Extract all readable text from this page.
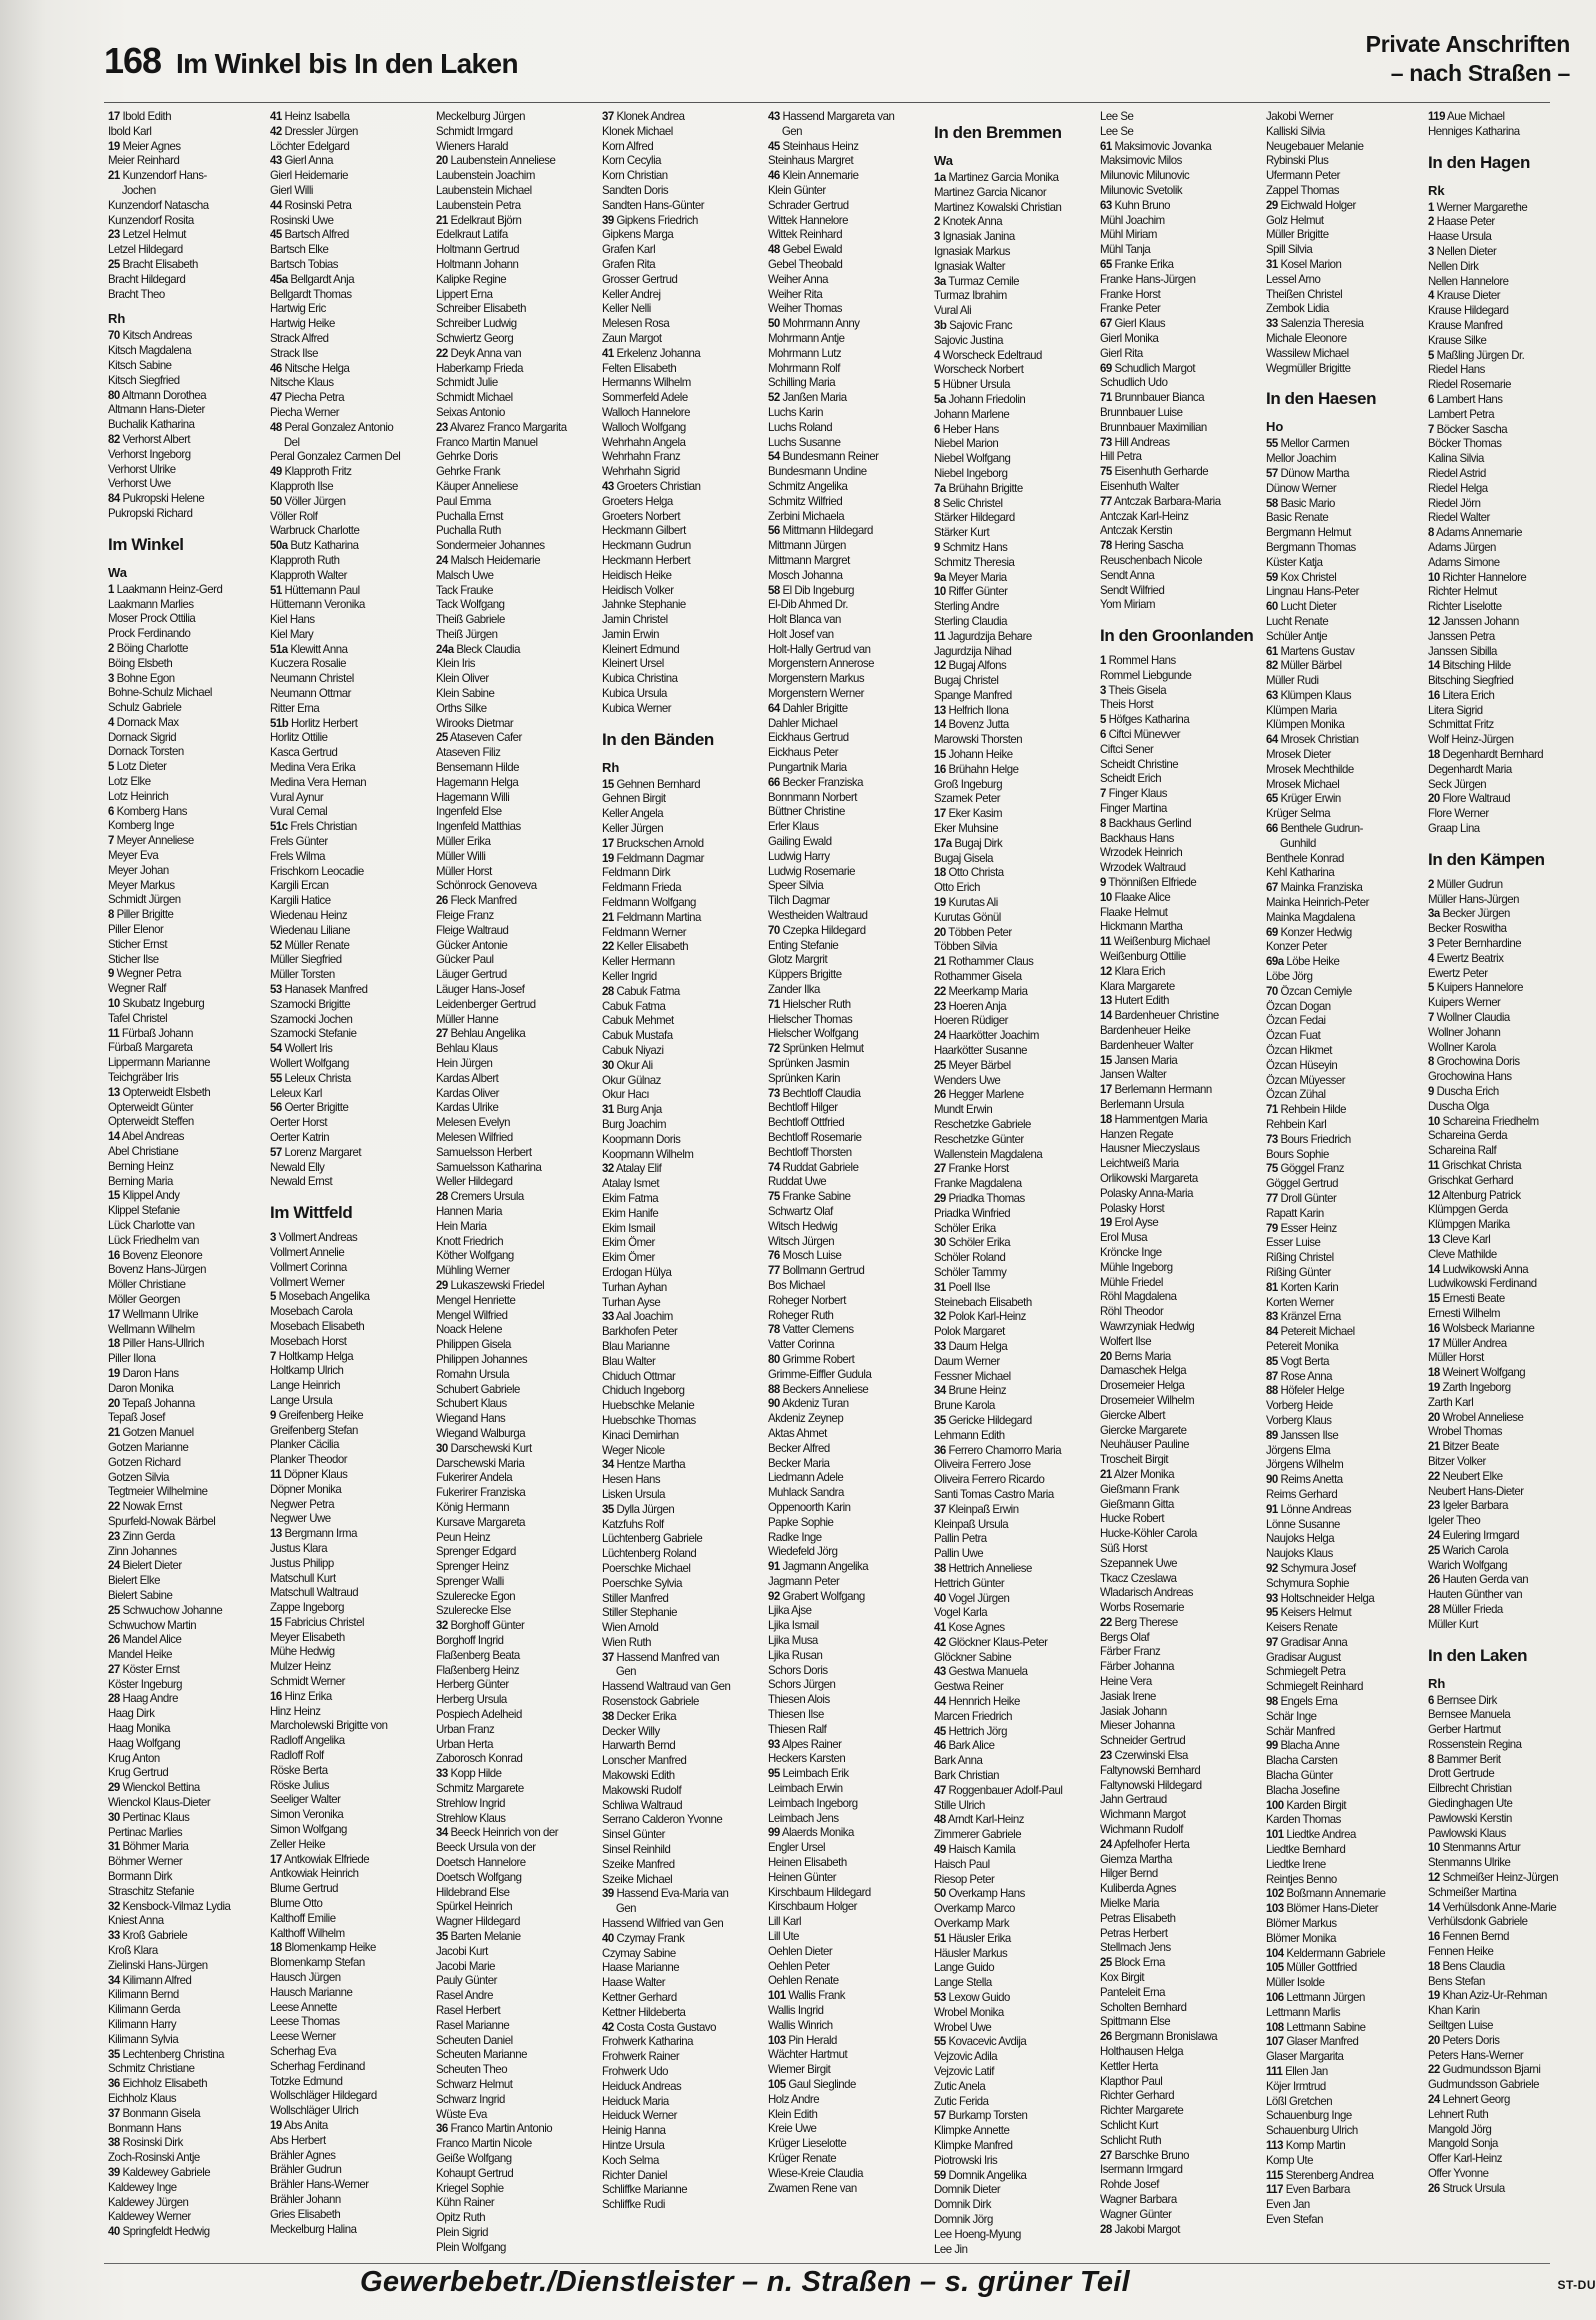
168 Im Winkel bis In den Laken
Private Anschriften
– nach Straßen –
17 Ibold Edith
Ibold Karl
19 Meier Agnes
Meier Reinhard
21 Kunzendorf Hans-
Jochen
Kunzendorf Natascha
Kunzendorf Rosita
23 Letzel Helmut
Letzel Hildegard
25 Bracht Elisabeth
Bracht Hildegard
Bracht Theo
Rh
70 Kitsch Andreas
Kitsch Magdalena
Kitsch Sabine
Kitsch Siegfried
80 Altmann Dorothea
Altmann Hans-Dieter
Buchalik Katharina
82 Verhorst Albert
Verhorst Ingeborg
Verhorst Ulrike
Verhorst Uwe
84 Pukropski Helene
Pukropski Richard
Im Winkel
Wa
1 Laakmann Heinz-Gerd
Laakmann Marlies
Moser Prock Ottilia
Prock Ferdinando
2 Böing Charlotte
Böing Elsbeth
3 Bohne Egon
Bohne-Schulz Michael
Schulz Gabriele
4 Dornack Max
Dornack Sigrid
Dornack Torsten
5 Lotz Dieter
Lotz Elke
Lotz Heinrich
6 Komberg Hans
Komberg Inge
7 Meyer Anneliese
Meyer Eva
Meyer Johan
Meyer Markus
Schmidt Jürgen
8 Piller Brigitte
Piller Elenor
Sticher Ernst
Sticher Ilse
9 Wegner Petra
Wegner Ralf
10 Skubatz Ingeburg
Tafel Christel
11 Fürbaß Johann
Fürbaß Margareta
Lippermann Marianne
Teichgräber Iris
13 Opterweidt Elsbeth
Opterweidt Günter
Opterweidt Steffen
14 Abel Andreas
Abel Christiane
Berning Heinz
Berning Maria
15 Klippel Andy
Klippel Stefanie
Lück Charlotte van
Lück Friedhelm van
16 Bovenz Eleonore
Bovenz Hans-Jürgen
Möller Christiane
Möller Georgen
17 Wellmann Ulrike
Wellmann Wilhelm
18 Piller Hans-Ullrich
Piller Ilona
19 Daron Hans
Daron Monika
20 Tepaß Johanna
Tepaß Josef
21 Gotzen Manuel
Gotzen Marianne
Gotzen Richard
Gotzen Silvia
Tegtmeier Wilhelmine
22 Nowak Ernst
Spurfeld-Nowak Bärbel
23 Zinn Gerda
Zinn Johannes
24 Bielert Dieter
Bielert Elke
Bielert Sabine
25 Schwuchow Johanne
Schwuchow Martin
26 Mandel Alice
Mandel Heike
27 Köster Ernst
Köster Ingeburg
28 Haag Andre
Haag Dirk
Haag Monika
Haag Wolfgang
Krug Anton
Krug Gertrud
29 Wienckol Bettina
Wienckol Klaus-Dieter
30 Pertinac Klaus
Pertinac Marlies
31 Böhmer Maria
Böhmer Werner
Bormann Dirk
Straschitz Stefanie
32 Kensbock-Vilmaz Lydia
Kniest Anna
33 Kroß Gabriele
Kroß Klara
Zielinski Hans-Jürgen
34 Kilimann Alfred
Kilimann Bernd
Kilimann Gerda
Kilimann Harry
Kilimann Sylvia
35 Lechtenberg Christina
Schmitz Christiane
36 Eichholz Elisabeth
Eichholz Klaus
37 Bonmann Gisela
Bonmann Hans
38 Rosinski Dirk
Zoch-Rosinski Antje
39 Kaldewey Gabriele
Kaldewey Inge
Kaldewey Jürgen
Kaldewey Werner
40 Springfeldt Hedwig
41 Heinz Isabella
42 Dressler Jürgen
Löchter Edelgard
43 Gierl Anna
Gierl Heidemarie
Gierl Willi
44 Rosinski Petra
Rosinski Uwe
45 Bartsch Alfred
Bartsch Elke
Bartsch Tobias
45a Bellgardt Anja
Bellgardt Thomas
Hartwig Eric
Hartwig Heike
Strack Alfred
Strack Ilse
46 Nitsche Helga
Nitsche Klaus
47 Piecha Petra
Piecha Werner
48 Peral Gonzalez Antonio
Del
Peral Gonzalez Carmen Del
49 Klapproth Fritz
Klapproth Ilse
50 Völler Jürgen
Völler Rolf
Warbruck Charlotte
50a Butz Katharina
Klapproth Ruth
Klapproth Walter
51 Hüttemann Paul
Hüttemann Veronika
Kiel Hans
Kiel Mary
51a Klewitt Anna
Kuczera Rosalie
Neumann Christel
Neumann Ottmar
Ritter Erna
51b Horlitz Herbert
Horlitz Ottilie
Kasca Gertrud
Medina Vera Erika
Medina Vera Hernan
Vural Aynur
Vural Cemal
51c Frels Christian
Frels Günter
Frels Wilma
Frischkorn Leocadie
Kargili Ercan
Kargili Hatice
Wiedenau Heinz
Wiedenau Liliane
52 Müller Renate
Müller Siegfried
Müller Torsten
53 Hanasek Manfred
Szamocki Brigitte
Szamocki Jochen
Szamocki Stefanie
54 Wollert Iris
Wollert Wolfgang
55 Leleux Christa
Leleux Karl
56 Oerter Brigitte
Oerter Horst
Oerter Katrin
57 Lorenz Margaret
Newald Elly
Newald Ernst
Im Wittfeld
3 Vollmert Andreas
Vollmert Annelie
Vollmert Corinna
Vollmert Werner
5 Mosebach Angelika
Mosebach Carola
Mosebach Elisabeth
Mosebach Horst
7 Holtkamp Helga
Holtkamp Ulrich
Lange Heinrich
Lange Ursula
9 Greifenberg Heike
Greifenberg Stefan
Planker Cäcilia
Planker Theodor
11 Döpner Klaus
Döpner Monika
Negwer Petra
Negwer Uwe
13 Bergmann Irma
Justus Klara
Justus Philipp
Matschull Kurt
Matschull Waltraud
Zappe Ingeborg
15 Fabricius Christel
Meyer Elisabeth
Mühe Hedwig
Mulzer Heinz
Schmidt Werner
16 Hinz Erika
Hinz Heinz
Marcholewski Brigitte von
Radloff Angelika
Radloff Rolf
Röske Berta
Röske Julius
Seeliger Walter
Simon Veronika
Simon Wolfgang
Zeller Heike
17 Antkowiak Elfriede
Antkowiak Heinrich
Blume Gertrud
Blume Otto
Kalthoff Emilie
Kalthoff Wilhelm
18 Blomenkamp Heike
Blomenkamp Stefan
Hausch Jürgen
Hausch Marianne
Leese Annette
Leese Thomas
Leese Werner
Scherhag Eva
Scherhag Ferdinand
Totzke Edmund
Wollschläger Hildegard
Wollschläger Ulrich
19 Abs Anita
Abs Herbert
Brähler Agnes
Brähler Gudrun
Brähler Hans-Werner
Brähler Johann
Gries Elisabeth
Meckelburg Halina
Meckelburg Jürgen
Schmidt Irmgard
Wieners Harald
20 Laubenstein Anneliese
Laubenstein Joachim
Laubenstein Michael
Laubenstein Petra
21 Edelkraut Björn
Edelkraut Latifa
Holtmann Gertrud
Holtmann Johann
Kalipke Regine
Lippert Erna
Schreiber Elisabeth
Schreiber Ludwig
Schwiertz Georg
22 Deyk Anna van
Haberkamp Frieda
Schmidt Julie
Schmidt Michael
Seixas Antonio
23 Alvarez Franco Margarita
Franco Martin Manuel
Gehrke Doris
Gehrke Frank
Käuper Anneliese
Paul Emma
Puchalla Ernst
Puchalla Ruth
Sondermeier Johannes
24 Malsch Heidemarie
Malsch Uwe
Tack Frauke
Tack Wolfgang
Theiß Gabriele
Theiß Jürgen
24a Bleck Claudia
Klein Iris
Klein Oliver
Klein Sabine
Orths Silke
Wirooks Dietmar
25 Ataseven Cafer
Ataseven Filiz
Bensemann Hilde
Hagemann Helga
Hagemann Willi
Ingenfeld Else
Ingenfeld Matthias
Müller Erika
Müller Willi
Müller Horst
Schönrock Genoveva
26 Fleck Manfred
Fleige Franz
Fleige Waltraud
Gücker Antonie
Gücker Paul
Läuger Gertrud
Läuger Hans-Josef
Leidenberger Gertrud
Müller Hanne
27 Behlau Angelika
Behlau Klaus
Hein Jürgen
Kardas Albert
Kardas Oliver
Kardas Ulrike
Melesen Evelyn
Melesen Wilfried
Samuelsson Herbert
Samuelsson Katharina
Weller Hildegard
28 Cremers Ursula
Hannen Maria
Hein Maria
Knott Friedrich
Köther Wolfgang
Mühling Werner
29 Lukaszewski Friedel
Mengel Henriette
Mengel Wilfried
Noack Helene
Philippen Gisela
Philippen Johannes
Romahn Ursula
Schubert Gabriele
Schubert Klaus
Wiegand Hans
Wiegand Walburga
30 Darschewski Kurt
Darschewski Maria
Fukerirer Andela
Fukerirer Franziska
König Hermann
Kursave Margareta
Peun Heinz
Sprenger Edgard
Sprenger Heinz
Sprenger Walli
Szulerecke Egon
Szulerecke Else
32 Borghoff Günter
Borghoff Ingrid
Flaßenberg Beata
Flaßenberg Heinz
Herberg Günter
Herberg Ursula
Pospiech Adelheid
Urban Franz
Urban Herta
Zaborosch Konrad
33 Kopp Hilde
Schmitz Margarete
Strehlow Ingrid
Strehlow Klaus
34 Beeck Heinrich von der
Beeck Ursula von der
Doetsch Hannelore
Doetsch Wolfgang
Hildebrand Else
Spürkel Heinrich
Wagner Hildegard
35 Barten Melanie
Jacobi Kurt
Jacobi Marie
Pauly Günter
Rasel Andre
Rasel Herbert
Rasel Marianne
Scheuten Daniel
Scheuten Marianne
Scheuten Theo
Schwarz Helmut
Schwarz Ingrid
Wüste Eva
36 Franco Martin Antonio
Franco Martin Nicole
Geiße Wolfgang
Kohaupt Gertrud
Kriegel Sophie
Kühn Rainer
Opitz Ruth
Plein Sigrid
Plein Wolfgang
37 Klonek Andrea
Klonek Michael
Korn Alfred
Korn Cecylia
Korn Christian
Sandten Doris
Sandten Hans-Günter
39 Gipkens Friedrich
Gipkens Marga
Grafen Karl
Grafen Rita
Grosser Gertrud
Keller Andrej
Keller Nelli
Melesen Rosa
Zaun Margot
41 Erkelenz Johanna
Felten Elisabeth
Hermanns Wilhelm
Sommerfeld Adele
Walloch Hannelore
Walloch Wolfgang
Wehrhahn Angela
Wehrhahn Franz
Wehrhahn Sigrid
43 Groeters Christian
Groeters Helga
Groeters Norbert
Heckmann Gilbert
Heckmann Gudrun
Heckmann Herbert
Heidisch Heike
Heidisch Volker
Jahnke Stephanie
Jamin Christel
Jamin Erwin
Kleinert Edmund
Kleinert Ursel
Kubica Christina
Kubica Ursula
Kubica Werner
In den Bänden
Rh
15 Gehnen Bernhard
Gehnen Birgit
Keller Angela
Keller Jürgen
17 Bruckschen Arnold
19 Feldmann Dagmar
Feldmann Dirk
Feldmann Frieda
Feldmann Wolfgang
21 Feldmann Martina
Feldmann Werner
22 Keller Elisabeth
Keller Hermann
Keller Ingrid
28 Cabuk Fatma
Cabuk Fatma
Cabuk Mehmet
Cabuk Mustafa
Cabuk Niyazi
30 Okur Ali
Okur Gülnaz
Okur Hacı
31 Burg Anja
Burg Joachim
Koopmann Doris
Koopmann Wilhelm
32 Atalay Elif
Atalay Ismet
Ekim Fatma
Ekim Hanife
Ekim Ismail
Ekim Ömer
Ekim Ömer
Erdogan Hülya
Turhan Ayhan
Turhan Ayse
33 Aal Joachim
Barkhofen Peter
Blau Marianne
Blau Walter
Chiduch Ottmar
Chiduch Ingeborg
Huebschke Melanie
Huebschke Thomas
Kinaci Demirhan
Weger Nicole
34 Hentze Martha
Hesen Hans
Lisken Ursula
35 Dylla Jürgen
Katzfuhs Rolf
Lüchtenberg Gabriele
Lüchtenberg Roland
Poerschke Michael
Poerschke Sylvia
Stiller Manfred
Stiller Stephanie
Wien Arnold
Wien Ruth
37 Hassend Manfred van
Gen
Hassend Waltraud van Gen
Rosenstock Gabriele
38 Decker Erika
Decker Willy
Harwarth Bernd
Lonscher Manfred
Makowski Edith
Makowski Rudolf
Schliwa Waltraud
Serrano Calderon Yvonne
Sinsel Günter
Sinsel Reinhild
Szeike Manfred
Szeike Michael
39 Hassend Eva-Maria van
Gen
Hassend Wilfried van Gen
40 Czymay Frank
Czymay Sabine
Haase Marianne
Haase Walter
Kettner Gerhard
Kettner Hildeberta
42 Costa Costa Gustavo
Frohwerk Katharina
Frohwerk Rainer
Frohwerk Udo
Heiduck Andreas
Heiduck Maria
Heiduck Werner
Heinig Hanna
Hintze Ursula
Koch Selma
Richter Daniel
Schliffke Marianne
Schliffke Rudi
43 Hassend Margareta van
Gen
45 Steinhaus Heinz
Steinhaus Margret
46 Klein Annemarie
Klein Günter
Schrader Gertrud
Wittek Hannelore
Wittek Reinhard
48 Gebel Ewald
Gebel Theobald
Weiher Anna
Weiher Rita
Weiher Thomas
50 Mohrmann Anny
Mohrmann Antje
Mohrmann Lutz
Mohrmann Rolf
Schilling Maria
52 Janßen Maria
Luchs Karin
Luchs Roland
Luchs Susanne
54 Bundesmann Reiner
Bundesmann Undine
Schmitz Angelika
Schmitz Wilfried
Zerbini Michaela
56 Mittmann Hildegard
Mittmann Jürgen
Mittmann Margret
Mosch Johanna
58 El Dib Ingeburg
El-Dib Ahmed Dr.
Holt Blanca van
Holt Josef van
Holt-Hally Gertrud van
Morgenstern Annerose
Morgenstern Markus
Morgenstern Werner
64 Dahler Brigitte
Dahler Michael
Eickhaus Gertrud
Eickhaus Peter
Pungartnik Maria
66 Becker Franziska
Bonnmann Norbert
Büttner Christine
Erler Klaus
Gailing Ewald
Ludwig Harry
Ludwig Rosemarie
Speer Silvia
Tilch Dagmar
Westheiden Waltraud
70 Czepka Hildegard
Enting Stefanie
Glotz Margrit
Küppers Brigitte
Zander Ilka
71 Hielscher Ruth
Hielscher Thomas
Hielscher Wolfgang
72 Sprünken Helmut
Sprünken Jasmin
Sprünken Karin
73 Bechtloff Claudia
Bechtloff Hilger
Bechtloff Ottfried
Bechtloff Rosemarie
Bechtloff Thorsten
74 Ruddat Gabriele
Ruddat Uwe
75 Franke Sabine
Schwartz Olaf
Witsch Hedwig
Witsch Jürgen
76 Mosch Luise
77 Bollmann Gertrud
Bos Michael
Roheger Norbert
Roheger Ruth
78 Vatter Clemens
Vatter Corinna
80 Grimme Robert
Grimme-Eiffler Gudula
88 Beckers Anneliese
90 Akdeniz Turan
Akdeniz Zeynep
Aktas Ahmet
Becker Alfred
Becker Maria
Liedmann Adele
Muhlack Sandra
Oppenoorth Karin
Papke Sophie
Radke Inge
Wiedefeld Jörg
91 Jagmann Angelika
Jagmann Peter
92 Grabert Wolfgang
Ljika Ajse
Ljika Ismail
Ljika Musa
Ljika Rusan
Schors Doris
Schors Jürgen
Thiesen Alois
Thiesen Ilse
Thiesen Ralf
93 Alpes Rainer
Heckers Karsten
95 Leimbach Erik
Leimbach Erwin
Leimbach Ingeborg
Leimbach Jens
99 Alaerds Monika
Engler Ursel
Heinen Elisabeth
Heinen Günter
Kirschbaum Hildegard
Kirschbaum Holger
Lill Karl
Lill Ute
Oehlen Dieter
Oehlen Peter
Oehlen Renate
101 Wallis Frank
Wallis Ingrid
Wallis Winrich
103 Pin Herald
Wächter Hartmut
Wiemer Birgit
105 Gaul Sieglinde
Holz Andre
Klein Edith
Kreie Uwe
Krüger Lieselotte
Krüger Renate
Wiese-Kreie Claudia
Zwamen Rene van
In den Bremmen
Wa
1a Martinez Garcia Monika
Martinez Garcia Nicanor
Martinez Kowalski Christian
2 Knotek Anna
3 Ignasiak Janina
Ignasiak Markus
Ignasiak Walter
3a Turmaz Cemile
Turmaz Ibrahim
Vural Ali
3b Sajovic Franc
Sajovic Justina
4 Worscheck Edeltraud
Worscheck Norbert
5 Hübner Ursula
5a Johann Friedolin
Johann Marlene
6 Heber Hans
Niebel Marion
Niebel Wolfgang
Niebel Ingeborg
7a Brühahn Brigitte
8 Selic Christel
Stärker Hildegard
Stärker Kurt
9 Schmitz Hans
Schmitz Theresia
9a Meyer Maria
10 Riffer Günter
Sterling Andre
Sterling Claudia
11 Jagurdzija Behare
Jagurdzija Nihad
12 Bugaj Alfons
Bugaj Christel
Spange Manfred
13 Helfrich Ilona
14 Bovenz Jutta
Marowski Thorsten
15 Johann Heike
16 Brühahn Helge
Groß Ingeburg
Szamek Peter
17 Eker Kasim
Eker Muhsine
17a Bugaj Dirk
Bugaj Gisela
18 Otto Christa
Otto Erich
19 Kurutas Ali
Kurutas Gönül
20 Többen Peter
Többen Silvia
21 Rothammer Claus
Rothammer Gisela
22 Meerkamp Maria
23 Hoeren Anja
Hoeren Rüdiger
24 Haarkötter Joachim
Haarkötter Susanne
25 Meyer Bärbel
Wenders Uwe
26 Hegger Marlene
Mundt Erwin
Reschetzke Gabriele
Reschetzke Günter
Wallenstein Magdalena
27 Franke Horst
Franke Magdalena
29 Priadka Thomas
Priadka Winfried
Schöler Erika
30 Schöler Erika
Schöler Roland
Schöler Tammy
31 Poell Ilse
Steinebach Elisabeth
32 Polok Karl-Heinz
Polok Margaret
33 Daum Helga
Daum Werner
Fessner Michael
34 Brune Heinz
Brune Karola
35 Gericke Hildegard
Lehmann Edith
36 Ferrero Chamorro Maria
Oliveira Ferrero Jose
Oliveira Ferrero Ricardo
Santi Tomas Castro Maria
37 Kleinpaß Erwin
Kleinpaß Ursula
Pallin Petra
Pallin Uwe
38 Hettrich Anneliese
Hettrich Günter
40 Vogel Jürgen
Vogel Karla
41 Kose Agnes
42 Glöckner Klaus-Peter
Glöckner Sabine
43 Gestwa Manuela
Gestwa Reiner
44 Hennrich Heike
Marcen Friedrich
45 Hettrich Jörg
46 Bark Alice
Bark Anna
Bark Christian
47 Roggenbauer Adolf-Paul
Stille Ulrich
48 Arndt Karl-Heinz
Zimmerer Gabriele
49 Haisch Kamila
Haisch Paul
Riesop Peter
50 Overkamp Hans
Overkamp Marco
Overkamp Mark
51 Häusler Erika
Häusler Markus
Lange Guido
Lange Stella
53 Lexow Guido
Wrobel Monika
Wrobel Uwe
55 Kovacevic Avdija
Vejzovic Adila
Vejzovic Latif
Zutic Anela
Zutic Ferida
57 Burkamp Torsten
Klimpke Annette
Klimpke Manfred
Piotrowski Iris
59 Domnik Angelika
Domnik Dieter
Domnik Dirk
Domnik Jörg
Lee Hoeng-Myung
Lee Jin
Lee Se
Lee Se
61 Maksimovic Jovanka
Maksimovic Milos
Milunovic Milunovic
Milunovic Svetolik
63 Kuhn Bruno
Mühl Joachim
Mühl Miriam
Mühl Tanja
65 Franke Erika
Franke Hans-Jürgen
Franke Horst
Franke Peter
67 Gierl Klaus
Gierl Monika
Gierl Rita
69 Schudlich Margot
Schudlich Udo
71 Brunnbauer Bianca
Brunnbauer Luise
Brunnbauer Maximilian
73 Hill Andreas
Hill Petra
75 Eisenhuth Gerharde
Eisenhuth Walter
77 Antczak Barbara-Maria
Antczak Karl-Heinz
Antczak Kerstin
78 Hering Sascha
Reuschenbach Nicole
Sendt Anna
Sendt Wilfried
Yom Miriam
In den Groonlanden
1 Rommel Hans
Rommel Liebgunde
3 Theis Gisela
Theis Horst
5 Höfges Katharina
6 Ciftci Münevver
Ciftci Sener
Scheidt Christine
Scheidt Erich
7 Finger Klaus
Finger Martina
8 Backhaus Gerlind
Backhaus Hans
Wrzodek Heinrich
Wrzodek Waltraud
9 Thönnißen Elfriede
10 Flaake Alice
Flaake Helmut
Hickmann Martha
11 Weißenburg Michael
Weißenburg Ottilie
12 Klara Erich
Klara Margarete
13 Hutert Edith
14 Bardenheuer Christine
Bardenheuer Heike
Bardenheuer Walter
15 Jansen Maria
Jansen Walter
17 Berlemann Hermann
Berlemann Ursula
18 Hammentgen Maria
Hanzen Regate
Hausner Mieczyslaus
Leichtweiß Maria
Orlikowski Margareta
Polasky Anna-Maria
Polasky Horst
19 Erol Ayse
Erol Musa
Kröncke Inge
Mühle Ingeborg
Mühle Friedel
Röhl Magdalena
Röhl Theodor
Wawrzyniak Hedwig
Wolfert Ilse
20 Berns Maria
Damaschek Helga
Drosemeier Helga
Drosemeier Wilhelm
Giercke Albert
Giercke Margarete
Neuhäuser Pauline
Troscheit Birgit
21 Alzer Monika
Gießmann Frank
Gießmann Gitta
Hucke Robert
Hucke-Köhler Carola
Süß Horst
Szepannek Uwe
Tkacz Czeslawa
Wladarisch Andreas
Worbs Rosemarie
22 Berg Therese
Bergs Olaf
Färber Franz
Färber Johanna
Heine Vera
Jasiak Irene
Jasiak Johann
Mieser Johanna
Schneider Gertrud
23 Czerwinski Elsa
Faltynowski Bernhard
Faltynowski Hildegard
Jahn Gertraud
Wichmann Margot
Wichmann Rudolf
24 Apfelhofer Herta
Giemza Martha
Hilger Bernd
Kuliberda Agnes
Mielke Maria
Petras Elisabeth
Petras Herbert
Stellmach Jens
25 Block Erna
Kox Birgit
Panteleit Erna
Scholten Bernhard
Spittmann Else
26 Bergmann Bronislawa
Holthausen Helga
Kettler Herta
Klapthor Paul
Richter Gerhard
Richter Margarete
Schlicht Kurt
Schlicht Ruth
27 Barschke Bruno
Isermann Irmgard
Rohde Josef
Wagner Barbara
Wagner Günter
28 Jakobi Margot
Jakobi Werner
Kalliski Silvia
Neugebauer Melanie
Rybinski Plus
Ufermann Peter
Zappel Thomas
29 Eichwald Holger
Golz Helmut
Müller Brigitte
Spill Silvia
31 Kosel Marion
Lessel Arno
Theißen Christel
Zembok Lidia
33 Salenzia Theresia
Michale Eleonore
Wassilew Michael
Wegmüller Brigitte
In den Haesen
Ho
55 Mellor Carmen
Mellor Joachim
57 Dünow Martha
Dünow Werner
58 Basic Mario
Basic Renate
Bergmann Helmut
Bergmann Thomas
Küster Katja
59 Kox Christel
Lingnau Hans-Peter
60 Lucht Dieter
Lucht Renate
Schüler Antje
61 Martens Gustav
82 Müller Bärbel
Müller Rudi
63 Klümpen Klaus
Klümpen Maria
Klümpen Monika
64 Mrosek Christian
Mrosek Dieter
Mrosek Mechthilde
Mrosek Michael
65 Krüger Erwin
Krüger Selma
66 Benthele Gudrun-
Gunhild
Benthele Konrad
Kehl Katharina
67 Mainka Franziska
Mainka Heinrich-Peter
Mainka Magdalena
69 Konzer Hedwig
Konzer Peter
69a Löbe Heike
Löbe Jörg
70 Özcan Cemiyle
Özcan Dogan
Özcan Fedai
Özcan Fuat
Özcan Hikmet
Özcan Hüseyin
Özcan Müyesser
Özcan Zühal
71 Rehbein Hilde
Rehbein Karl
73 Bours Friedrich
Bours Sophie
75 Göggel Franz
Göggel Gertrud
77 Droll Günter
Rapatt Karin
79 Esser Heinz
Esser Luise
Rißing Christel
Rißing Günter
81 Korten Karin
Korten Werner
83 Kränzel Erna
84 Petereit Michael
Petereit Monika
85 Vogt Berta
87 Rose Anna
88 Höfeler Helge
Vorberg Heide
Vorberg Klaus
89 Janssen Ilse
Jörgens Elma
Jörgens Wilhelm
90 Reims Anetta
Reims Gerhard
91 Lönne Andreas
Lönne Susanne
Naujoks Helga
Naujoks Klaus
92 Schymura Josef
Schymura Sophie
93 Holtschneider Helga
95 Keisers Helmut
Keisers Renate
97 Gradisar Anna
Gradisar August
Schmiegelt Petra
Schmiegelt Reinhard
98 Engels Erna
Schär Inge
Schär Manfred
99 Blacha Anne
Blacha Carsten
Blacha Günter
Blacha Josefine
100 Karden Birgit
Karden Thomas
101 Liedtke Andrea
Liedtke Bernhard
Liedtke Irene
Reintjes Benno
102 Boßmann Annemarie
103 Blömer Hans-Dieter
Blömer Markus
Blömer Monika
104 Keldermann Gabriele
105 Müller Gottfried
Müller Isolde
106 Lettmann Jürgen
Lettmann Marlis
108 Lettmann Sabine
107 Glaser Manfred
Glaser Margarita
111 Ellen Jan
Köjer Irmtrud
Lößl Gretchen
Schauenburg Inge
Schauenburg Ulrich
113 Komp Martin
Komp Ute
115 Sterenberg Andrea
117 Even Barbara
Even Jan
Even Stefan
119 Aue Michael
Henniges Katharina
In den Hagen
Rk
1 Werner Margarethe
2 Haase Peter
Haase Ursula
3 Nellen Dieter
Nellen Dirk
Nellen Hannelore
4 Krause Dieter
Krause Hildegard
Krause Manfred
Krause Silke
5 Maßling Jürgen Dr.
Riedel Hans
Riedel Rosemarie
6 Lambert Hans
Lambert Petra
7 Böcker Sascha
Böcker Thomas
Kalina Silvia
Riedel Astrid
Riedel Helga
Riedel Jörn
Riedel Walter
8 Adams Annemarie
Adams Jürgen
Adams Simone
10 Richter Hannelore
Richter Helmut
Richter Liselotte
12 Janssen Johann
Janssen Petra
Janssen Sibilla
14 Bitsching Hilde
Bitsching Siegfried
16 Litera Erich
Litera Sigrid
Schmittat Fritz
Wolf Heinz-Jürgen
18 Degenhardt Bernhard
Degenhardt Maria
Seck Jürgen
20 Flore Waltraud
Flore Werner
Graap Lina
In den Kämpen
2 Müller Gudrun
Müller Hans-Jürgen
3a Becker Jürgen
Becker Roswitha
3 Peter Bernhardine
4 Ewertz Beatrix
Ewertz Peter
5 Kuipers Hannelore
Kuipers Werner
7 Wollner Claudia
Wollner Johann
Wollner Karola
8 Grochowina Doris
Grochowina Hans
9 Duscha Erich
Duscha Olga
10 Schareina Friedhelm
Schareina Gerda
Schareina Ralf
11 Grischkat Christa
Grischkat Gerhard
12 Altenburg Patrick
Klümpgen Gerda
Klümpgen Marika
13 Cleve Karl
Cleve Mathilde
14 Ludwikowski Anna
Ludwikowski Ferdinand
15 Ernesti Beate
Ernesti Wilhelm
16 Wolsbeck Marianne
17 Müller Andrea
Müller Horst
18 Weinert Wolfgang
19 Zarth Ingeborg
Zarth Karl
20 Wrobel Anneliese
Wrobel Thomas
21 Bitzer Beate
Bitzer Volker
22 Neubert Elke
Neubert Hans-Dieter
23 Igeler Barbara
Igeler Theo
24 Eulering Irmgard
25 Warich Carola
Warich Wolfgang
26 Hauten Gerda van
Hauten Günther van
28 Müller Frieda
Müller Kurt
In den Laken
Rh
6 Bernsee Dirk
Bernsee Manuela
Gerber Hartmut
Rossenstein Regina
8 Bammer Berit
Drott Gertrude
Eilbrecht Christian
Giedinghagen Ute
Pawlowski Kerstin
Pawlowski Klaus
10 Stenmanns Artur
Stenmanns Ulrike
12 Schmeißer Heinz-Jürgen
Schmeißer Martina
14 Verhülsdonk Anne-Marie
Verhülsdonk Gabriele
16 Fennen Bernd
Fennen Heike
18 Bens Claudia
Bens Stefan
19 Khan Aziz-Ur-Rehman
Khan Karin
Seiltgen Luise
20 Peters Doris
Peters Hans-Werner
22 Gudmundsson Bjarni
Gudmundsson Gabriele
24 Lehnert Georg
Lehnert Ruth
Mangold Jörg
Mangold Sonja
Offer Karl-Heinz
Offer Yvonne
26 Struck Ursula
Gewerbebetr./Dienstleister – n. Straßen – s. grüner Teil	ST-DU
